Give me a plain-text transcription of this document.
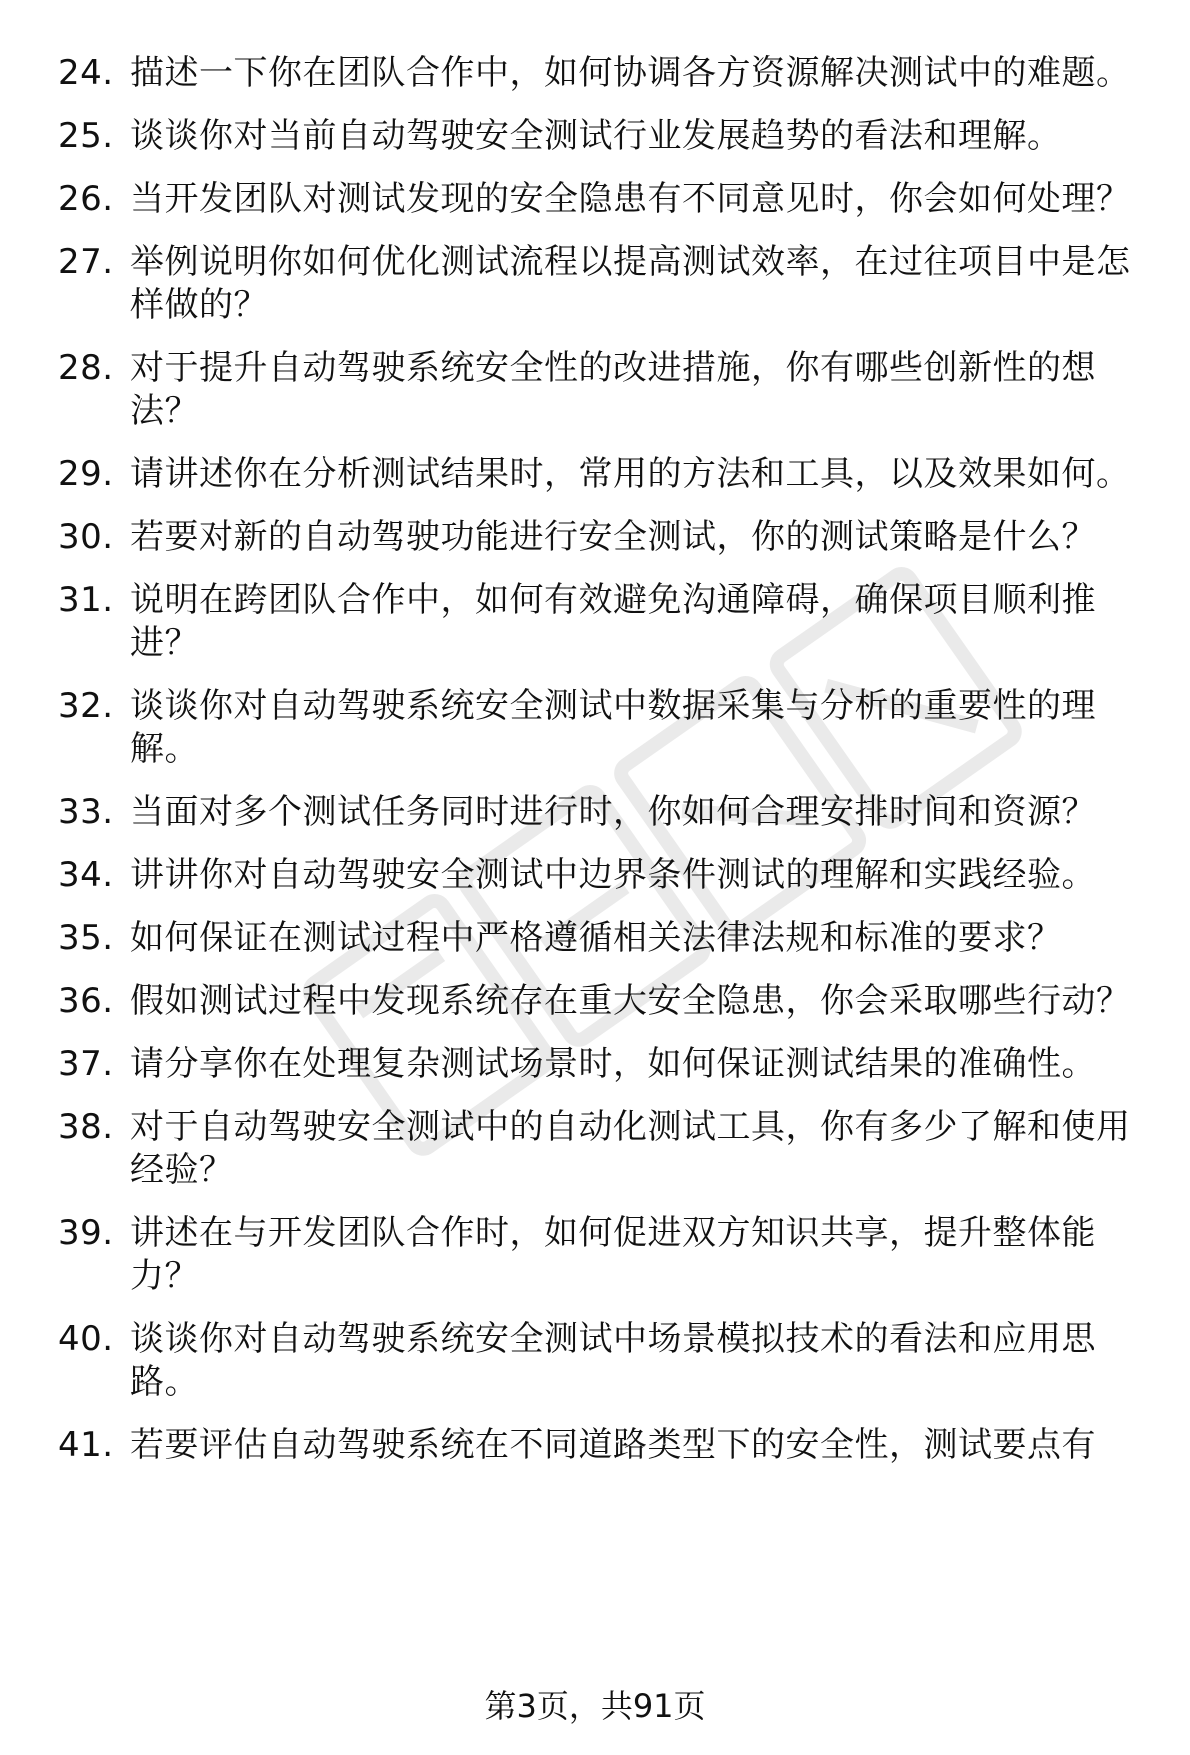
24. 描述一下你在团队合作中，如何协调各方资源解决测试中的难题。
25. 谈谈你对当前自动驾驶安全测试行业发展趋势的看法和理解。
26. 当开发团队对测试发现的安全隐患有不同意见时，你会如何处理？
27. 举例说明你如何优化测试流程以提高测试效率，在过往项目中是怎样做的？
28. 对于提升自动驾驶系统安全性的改进措施，你有哪些创新性的想法？
29. 请讲述你在分析测试结果时，常用的方法和工具，以及效果如何。
30. 若要对新的自动驾驶功能进行安全测试，你的测试策略是什么？
31. 说明在跨团队合作中，如何有效避免沟通障碍，确保项目顺利推进？
32. 谈谈你对自动驾驶系统安全测试中数据采集与分析的重要性的理解。
33. 当面对多个测试任务同时进行时，你如何合理安排时间和资源？
34. 讲讲你对自动驾驶安全测试中边界条件测试的理解和实践经验。
35. 如何保证在测试过程中严格遵循相关法律法规和标准的要求？
36. 假如测试过程中发现系统存在重大安全隐患，你会采取哪些行动？
37. 请分享你在处理复杂测试场景时，如何保证测试结果的准确性。
38. 对于自动驾驶安全测试中的自动化测试工具，你有多少了解和使用经验？
39. 讲述在与开发团队合作时，如何促进双方知识共享，提升整体能力？
40. 谈谈你对自动驾驶系统安全测试中场景模拟技术的看法和应用思路。
41. 若要评估自动驾驶系统在不同道路类型下的安全性，测试要点有
第3页，共91页
